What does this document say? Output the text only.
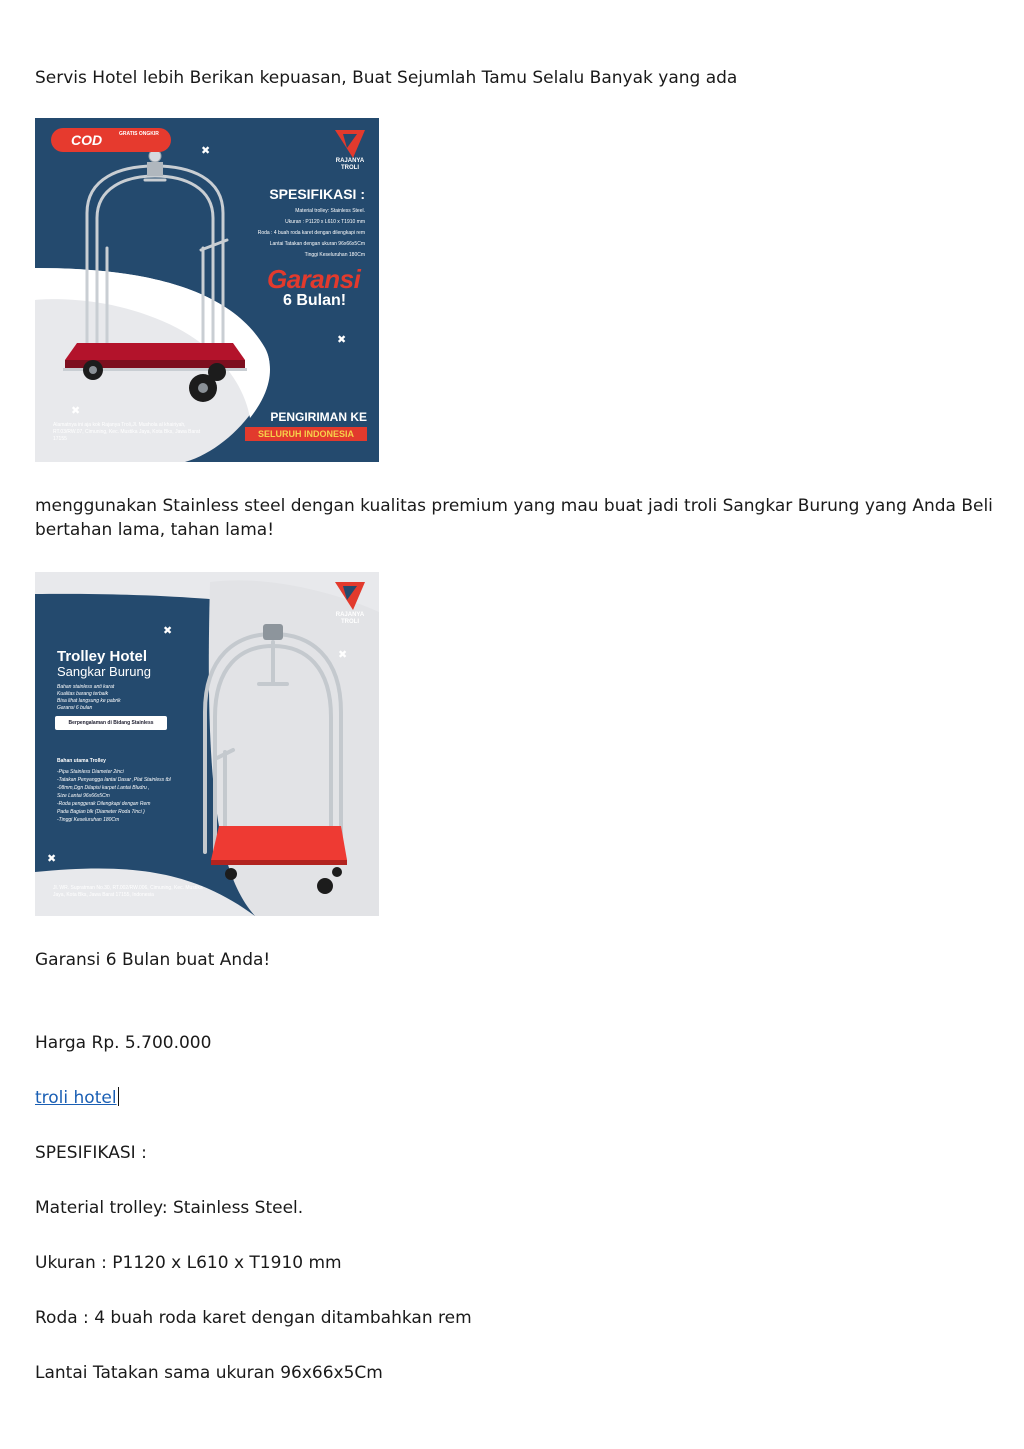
Servis Hotel lebih Berikan kepuasan, Buat Sejumlah Tamu Selalu Banyak yang ada

✖
✖
✖
COD	GRATIS ONGKIR
RAJANYA TROLI
SPESIFIKASI :
Material trolley: Stainless Steel.
Ukuran : P1120 x L610 x T1910 mm
Roda : 4 buah roda karet dengan dilengkapi rem
Lantai Tatakan dengan ukuran 96x66x5Cm
Tinggi Keseluruhan 180Cm
Garansi
6 Bulan!
PENGIRIMAN KE
SELURUH INDONESIA
Alamatnya ini aja kok Rajanya Troli,Jl. Mushola al khairiyah, RT.03/RW.07, Cimuning, Kec. Mustika Jaya, Kota Bks, Jawa Barat 17155

menggunakan Stainless steel dengan kualitas premium yang mau buat jadi troli Sangkar Burung yang Anda Beli bertahan lama, tahan lama!

✖
✖
✖
RAJANYA TROLI
Trolley Hotel
Sangkar Burung
Bahan stainless anti karat
Kualitas barang terbaik
Bisa lihat langsung ke pabrik
Garansi 6 bulan
Berpengalaman di Bidang Stainless
Bahan utama Trolley
-Pipa Stainless Diameter 2inci
-Tatakan Penyangga lantai Dasar ,Plat Stainless tbl
-08mm,Dgn Dilapisi karpet Lantai Bludru ,
Size Lantai 96x66x5Cm
-Roda penggerak Dilengkapi dengan Rem
Pada Bagian blk (Diameter Roda 7inci )
-Tinggi Keseluruhan 180Cm
Jl. WR. Supratman No.30, RT.002/RW.006, Cimuning, Kec. Mustika Jaya, Kota Bks, Jawa Barat 17155, Indonesia

Garansi 6 Bulan buat Anda!

Harga Rp. 5.700.000

troli hotel

SPESIFIKASI :

Material trolley: Stainless Steel.

Ukuran : P1120 x L610 x T1910 mm

Roda : 4 buah roda karet dengan ditambahkan rem

Lantai Tatakan sama ukuran 96x66x5Cm
